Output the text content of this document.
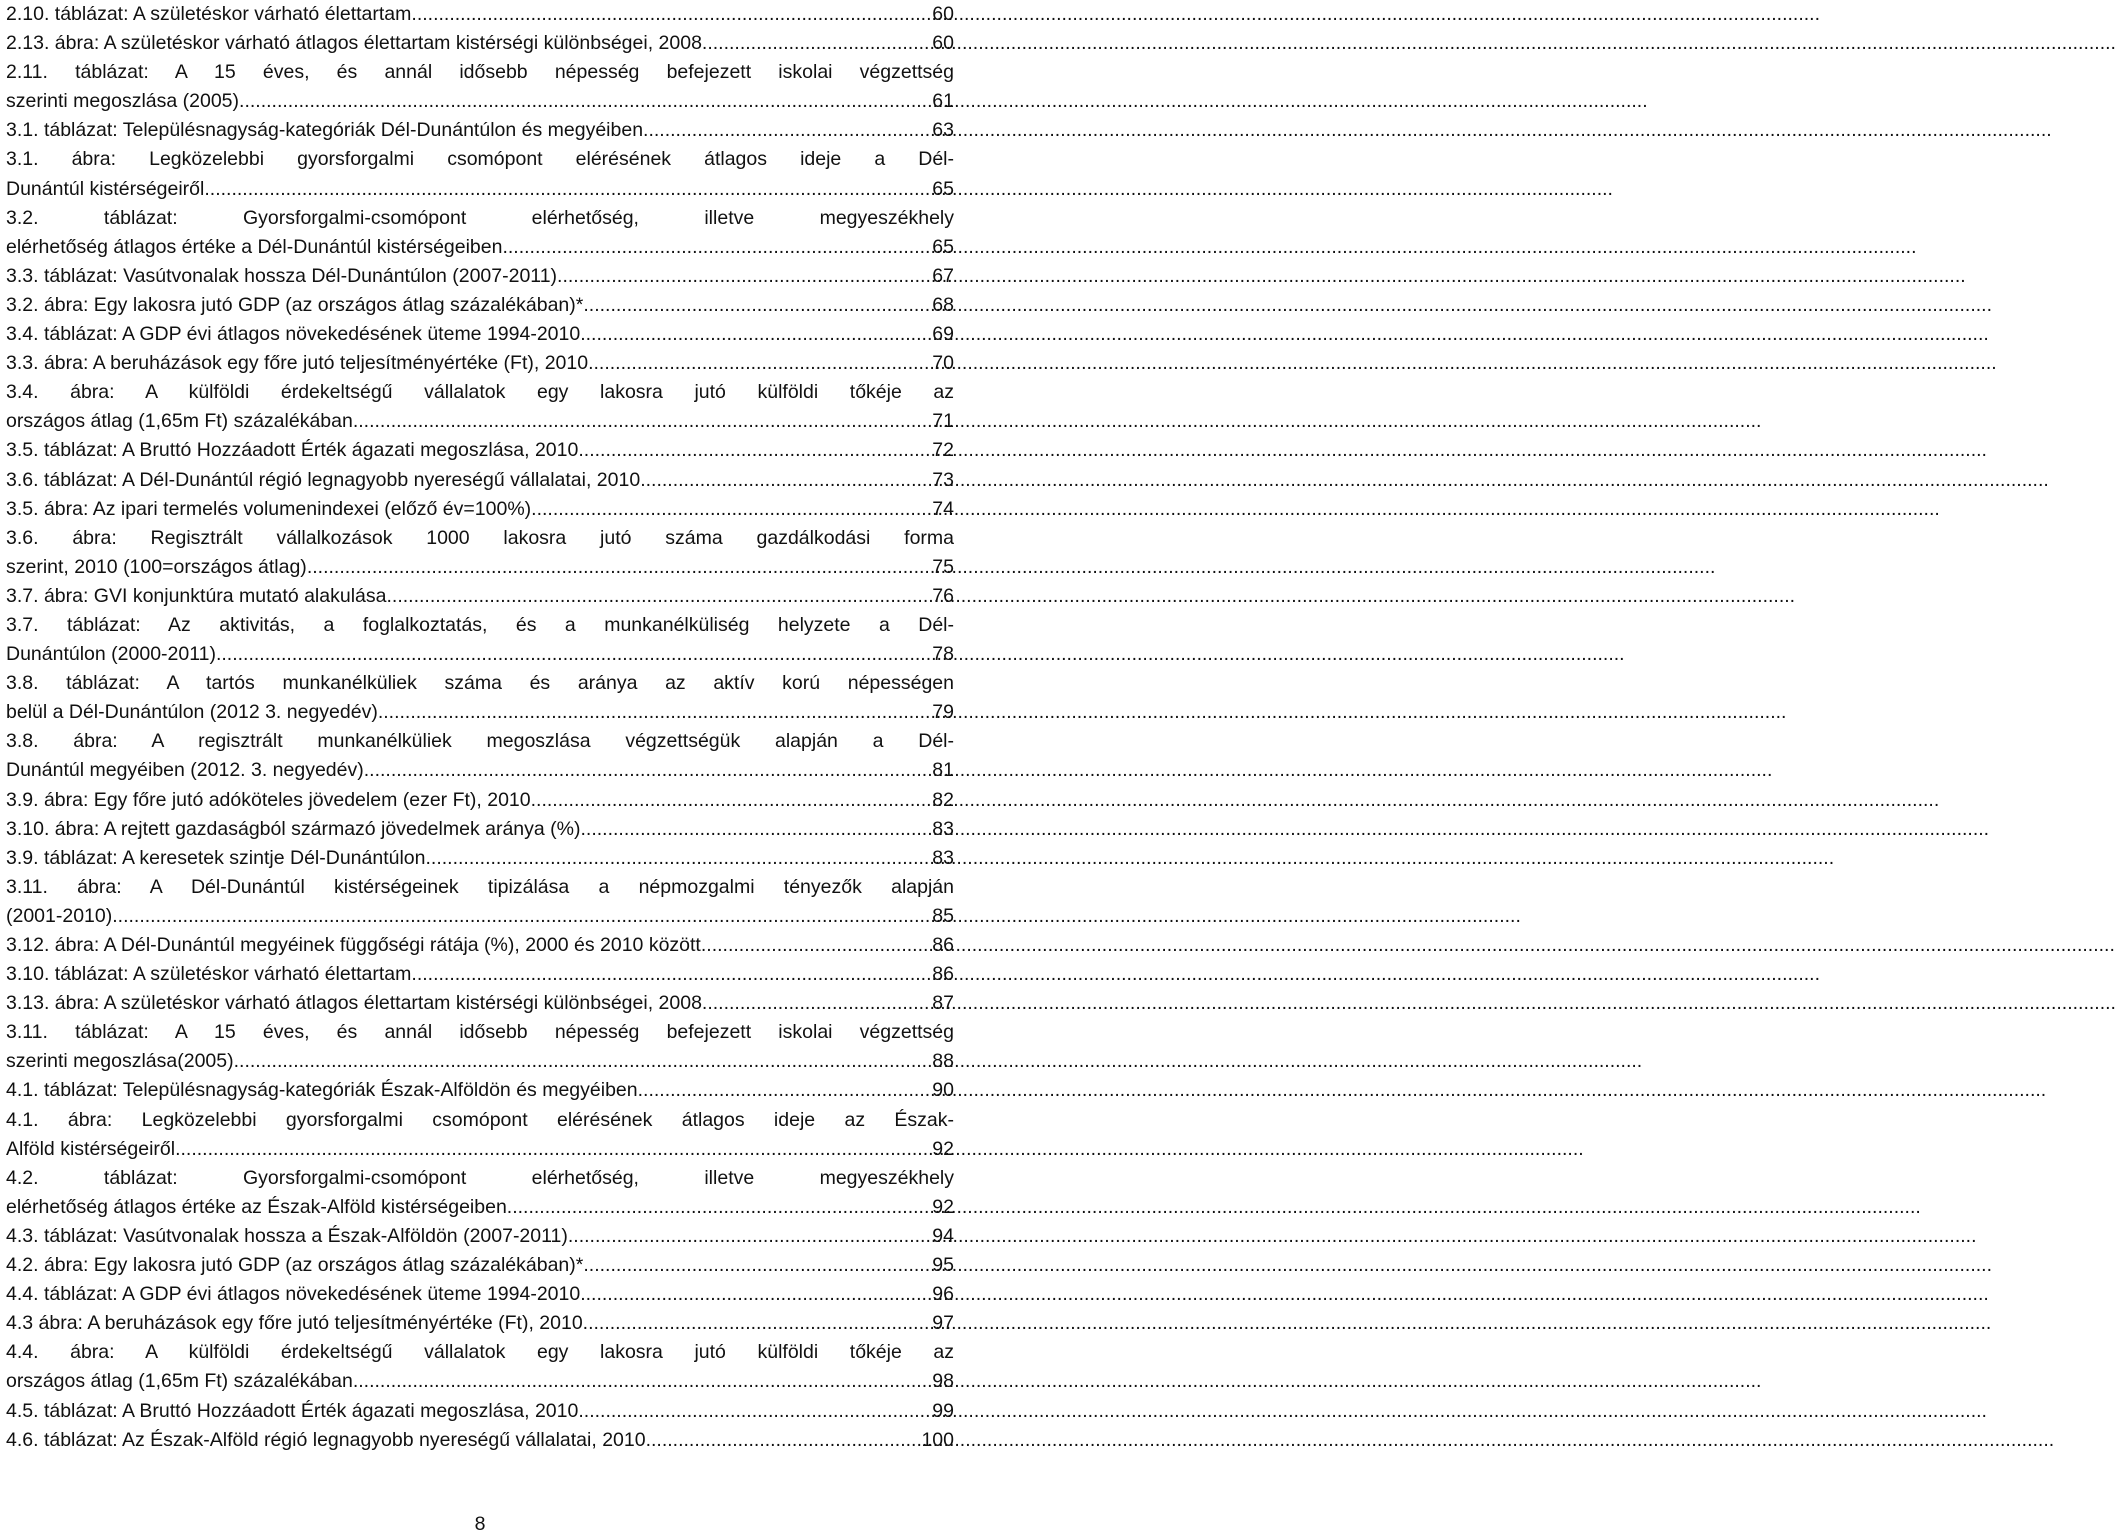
2.10. táblázat: A születéskor várható élettartam .....	60
2.13. ábra: A születéskor várható átlagos élettartam kistérségi különbségei, 2008. .....	60
2.11. táblázat: A 15 éves, és annál idősebb népesség befejezett iskolai végzettség
szerinti megoszlása (2005) .....	61
3.1. táblázat: Településnagyság-kategóriák Dél-Dunántúlon és megyéiben .....	63
3.1. ábra: Legközelebbi gyorsforgalmi csomópont elérésének átlagos ideje a Dél-
Dunántúl kistérségeiről .....	65
3.2. táblázat: Gyorsforgalmi-csomópont elérhetőség, illetve megyeszékhely
elérhetőség átlagos értéke a Dél-Dunántúl kistérségeiben. .....	65
3.3. táblázat: Vasútvonalak hossza Dél-Dunántúlon (2007-2011) .....	67
3.2. ábra: Egy lakosra jutó GDP (az országos átlag százalékában)* .....	68
3.4. táblázat: A GDP évi átlagos növekedésének üteme 1994-2010 .....	69
3.3. ábra: A beruházások egy főre jutó teljesítményértéke (Ft), 2010 .....	70
3.4. ábra: A külföldi érdekeltségű vállalatok egy lakosra jutó külföldi tőkéje az
országos átlag (1,65m Ft) százalékában .....	71
3.5. táblázat: A Bruttó Hozzáadott Érték ágazati megoszlása, 2010 .....	72
3.6. táblázat: A Dél-Dunántúl régió legnagyobb nyereségű vállalatai, 2010 .....	73
3.5. ábra: Az ipari termelés volumenindexei (előző év=100%) .....	74
3.6. ábra: Regisztrált vállalkozások 1000 lakosra jutó száma gazdálkodási forma
szerint, 2010 (100=országos átlag) .....	75
3.7. ábra: GVI konjunktúra mutató alakulása .....	76
3.7. táblázat: Az aktivitás, a foglalkoztatás, és a munkanélküliség helyzete a Dél-
Dunántúlon (2000-2011) .....	78
3.8. táblázat: A tartós munkanélküliek száma és aránya az aktív korú népességen
belül a Dél-Dunántúlon (2012 3. negyedév) .....	79
3.8. ábra: A regisztrált munkanélküliek megoszlása végzettségük alapján a Dél-
Dunántúl megyéiben (2012. 3. negyedév) .....	81
3.9. ábra: Egy főre jutó adóköteles jövedelem (ezer Ft), 2010 .....	82
3.10. ábra: A rejtett gazdaságból származó jövedelmek aránya (%) .....	83
3.9. táblázat: A keresetek szintje Dél-Dunántúlon .....	83
3.11. ábra: A Dél-Dunántúl kistérségeinek tipizálása a népmozgalmi tényezők alapján
(2001-2010) .....	85
3.12. ábra: A Dél-Dunántúl megyéinek függőségi rátája (%), 2000 és 2010 között. .....	86
3.10. táblázat: A születéskor várható élettartam .....	86
3.13. ábra: A születéskor várható átlagos élettartam kistérségi különbségei, 2008. .....	87
3.11. táblázat: A 15 éves, és annál idősebb népesség befejezett iskolai végzettség
szerinti megoszlása(2005) .....	88
4.1. táblázat: Településnagyság-kategóriák Észak-Alföldön és megyéiben .....	90
4.1. ábra: Legközelebbi gyorsforgalmi csomópont elérésének átlagos ideje az Észak-
Alföld kistérségeiről .....	92
4.2. táblázat: Gyorsforgalmi-csomópont elérhetőség, illetve megyeszékhely
elérhetőség átlagos értéke az Észak-Alföld kistérségeiben. .....	92
4.3. táblázat: Vasútvonalak hossza a Észak-Alföldön (2007-2011) .....	94
4.2. ábra: Egy lakosra jutó GDP (az országos átlag százalékában)* .....	95
4.4. táblázat: A GDP évi átlagos növekedésének üteme 1994-2010 .....	96
4.3 ábra: A beruházások egy főre jutó teljesítményértéke (Ft), 2010 .....	97
4.4. ábra: A külföldi érdekeltségű vállalatok egy lakosra jutó külföldi tőkéje az
országos átlag (1,65m Ft) százalékában .....	98
4.5. táblázat: A Bruttó Hozzáadott Érték ágazati megoszlása, 2010 .....	99
4.6. táblázat: Az Észak-Alföld régió legnagyobb nyereségű vállalatai, 2010 .....	100
8
